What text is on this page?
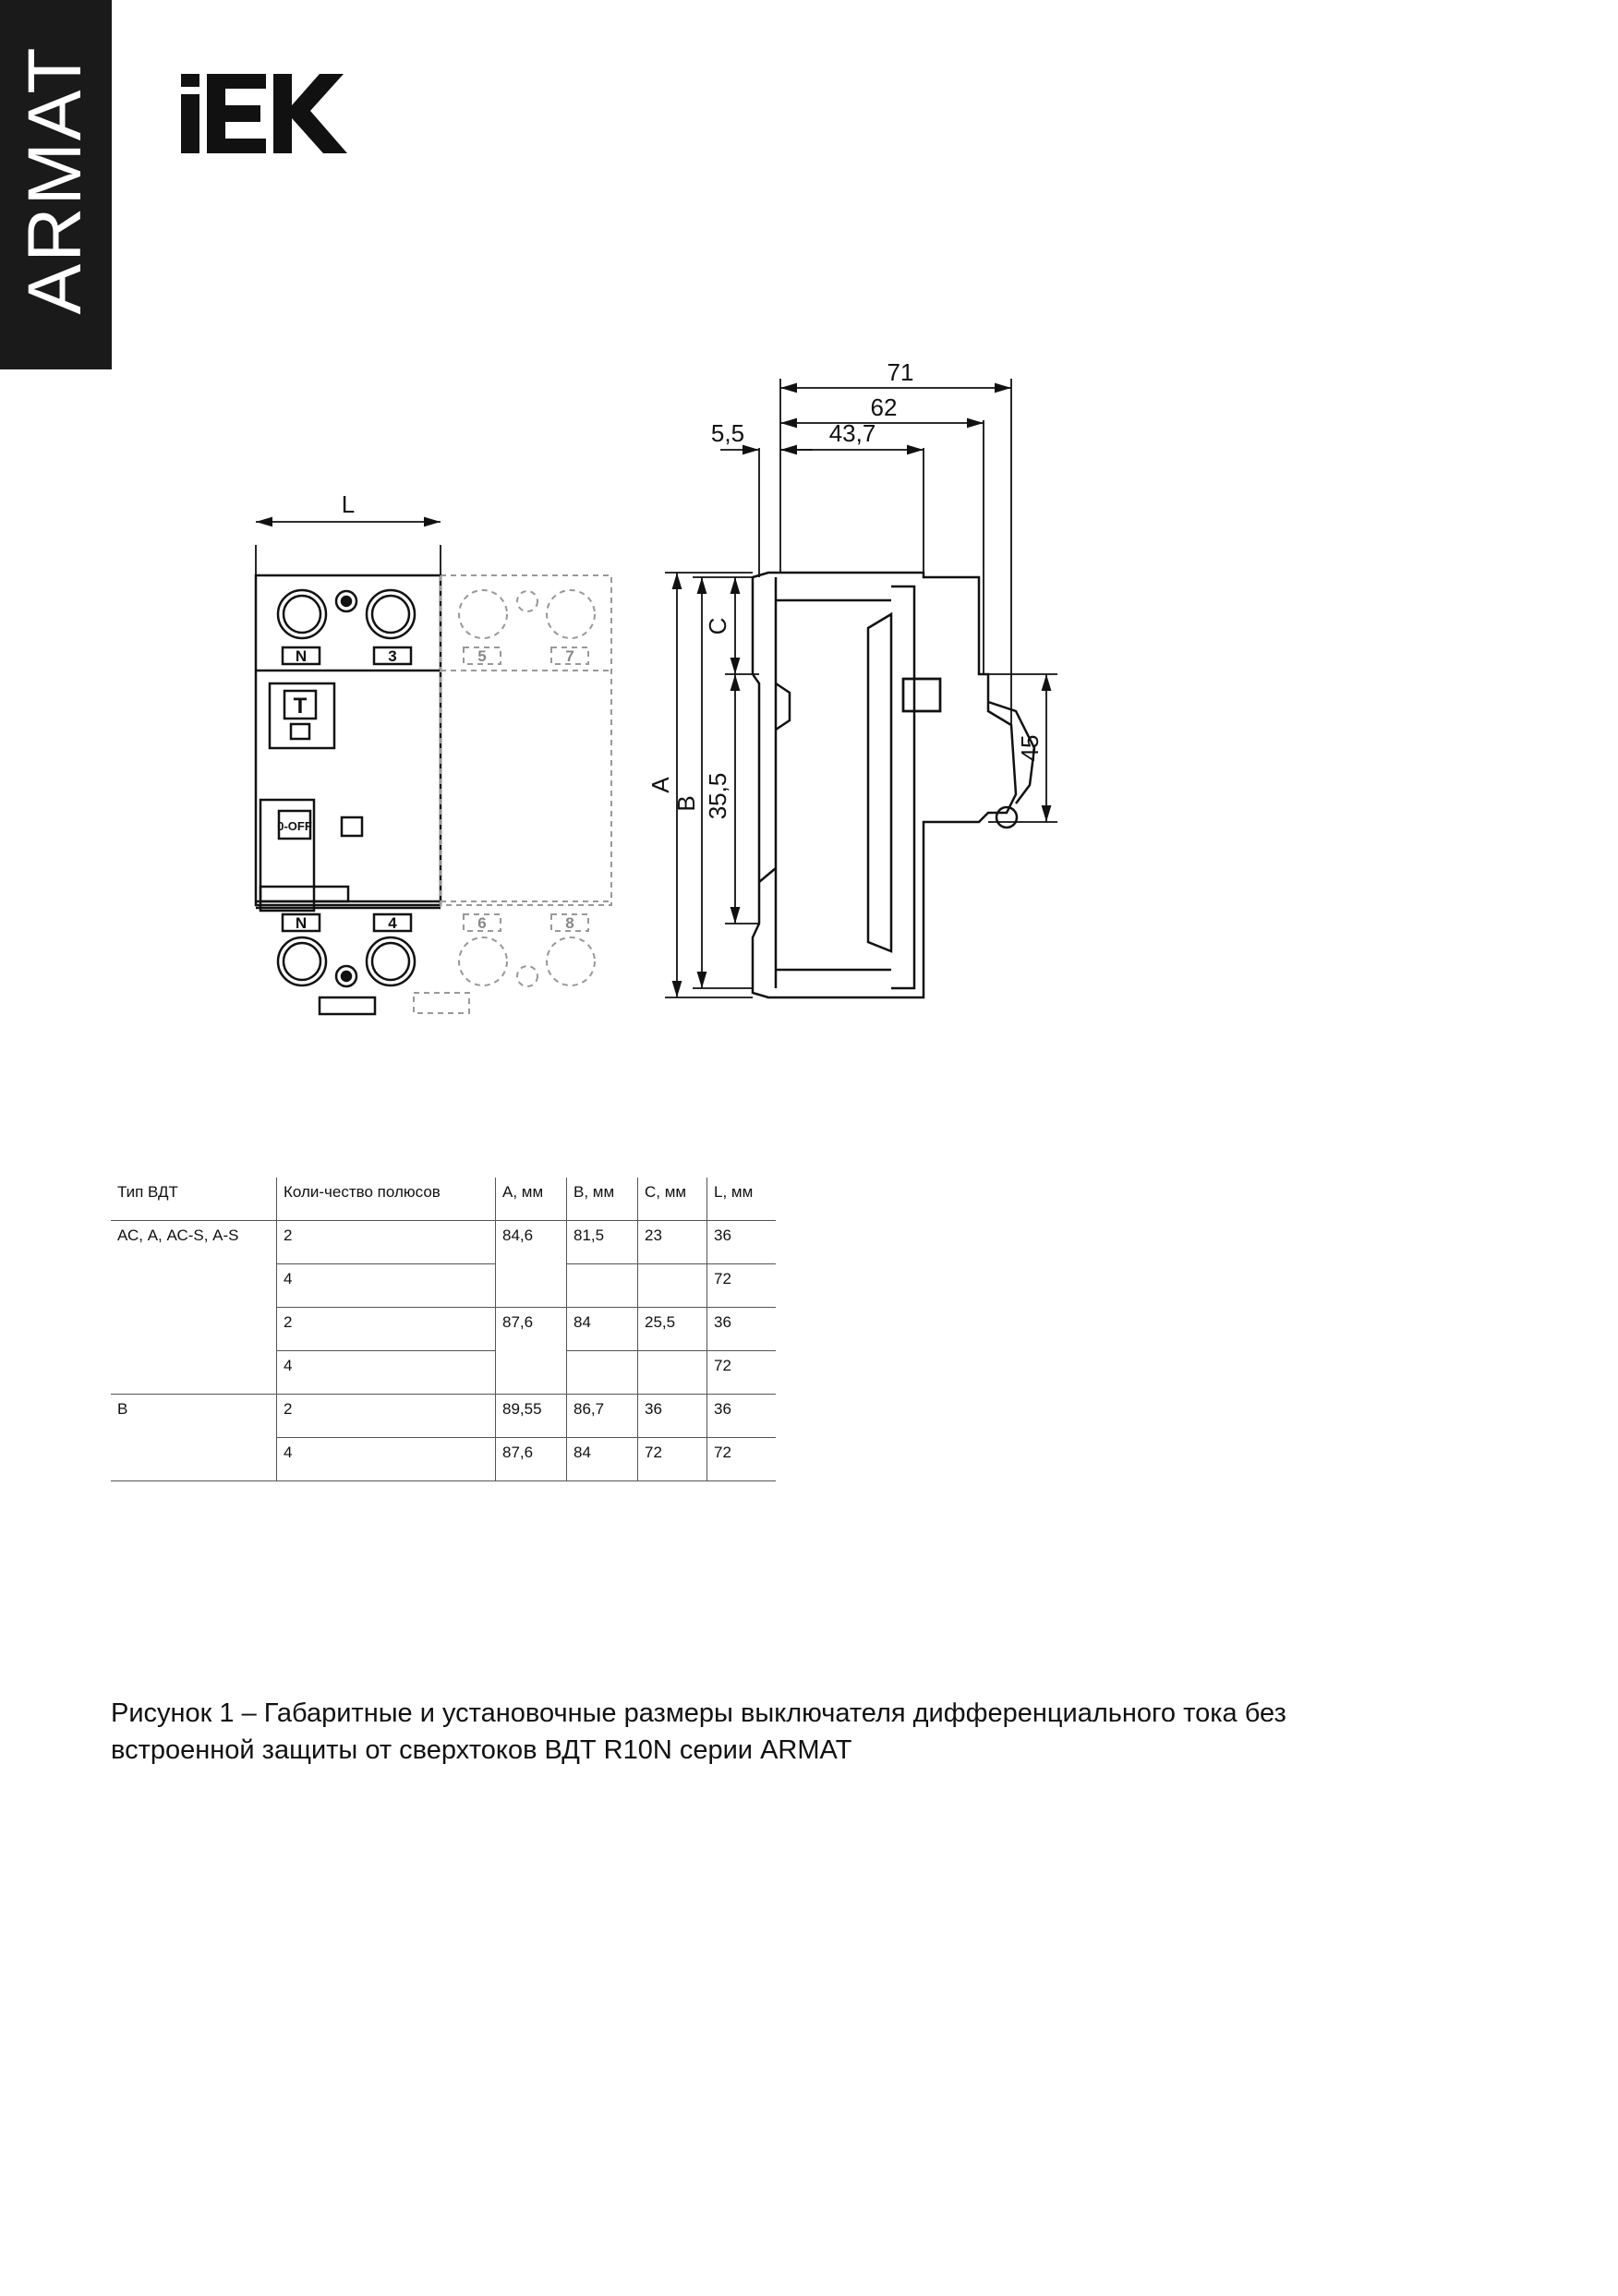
ARMAT
N	3	5	7
N	4	6	8
T
0-OFF
L
71
62
43,7
5,5
A
B
C
35,5
45
Тип ВДТ	Коли-чество полюсов	А, мм	В, мм	С, мм	L, мм
АС, А, АС-S, А-S	2	84,6	81,5	23	36
	4				72
	2	87,6	84	25,5	36
	4				72
В	2	89,55	86,7	36	36
	4	87,6	84	72	72
Рисунок 1 – Габаритные и установочные размеры выключателя дифференциального тока без
встроенной защиты от сверхтоков ВДТ R10N серии ARMAT
